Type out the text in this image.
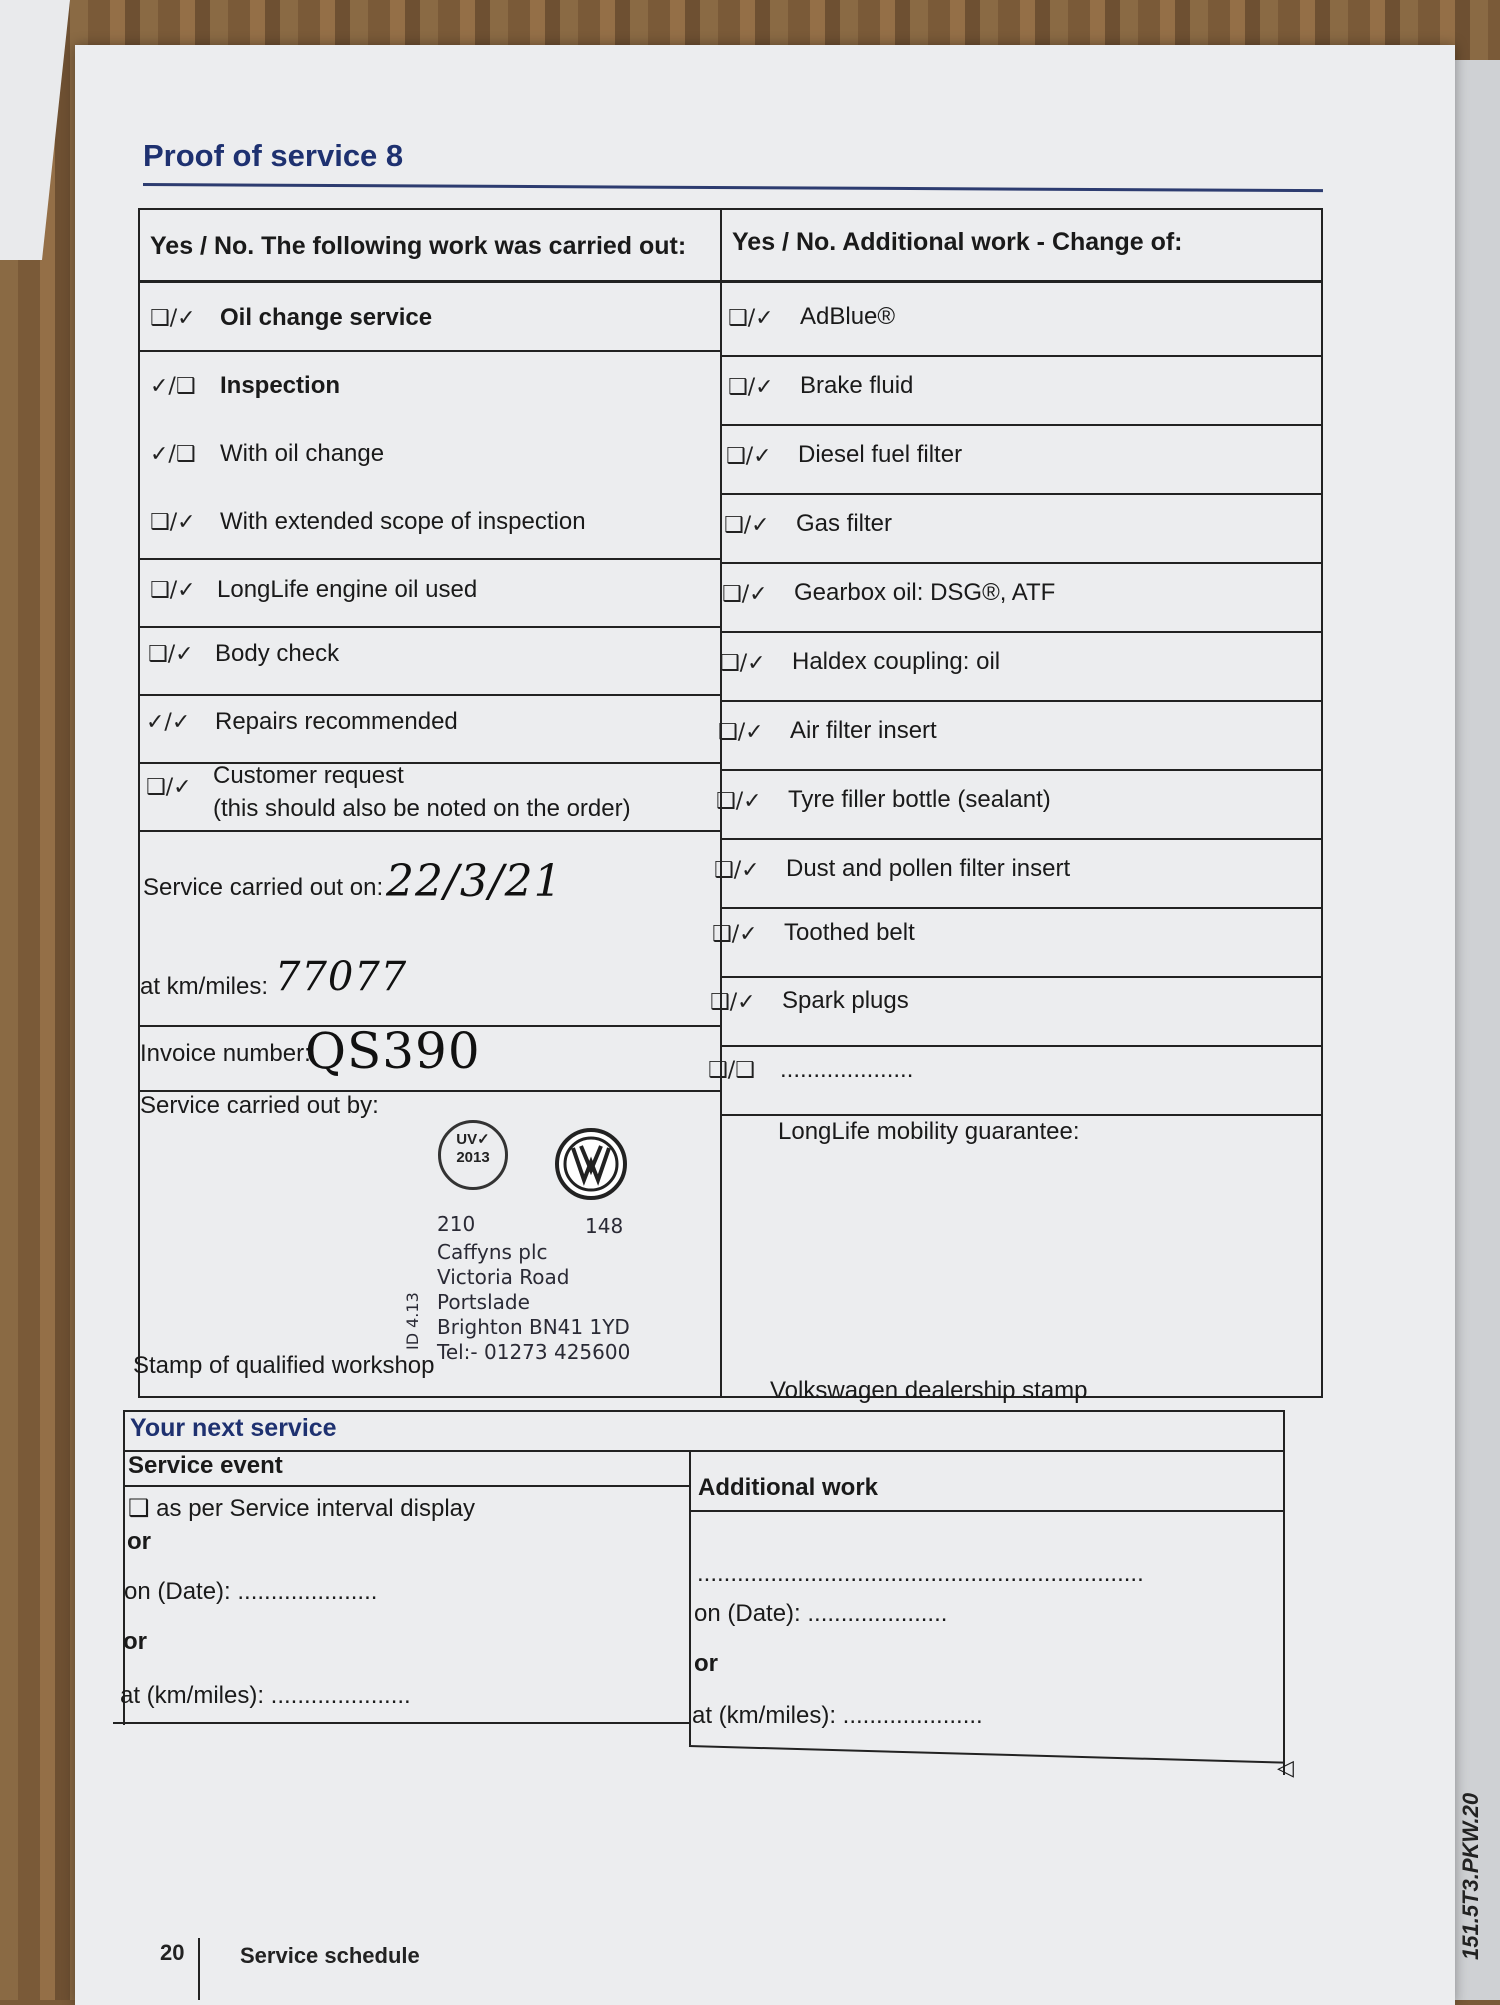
Proof of service 8
Yes / No. The following work was carried out: Yes / No. Additional work - Change of:
❑/✓ Oil change service
✓/❑ Inspection
✓/❑ With oil change
❑/✓ With extended scope of inspection
❑/✓ LongLife engine oil used
❑/✓ Body check
✓/✓ Repairs recommended
❑/✓ Customer request
(this should also be noted on the order)
Service carried out on: 22/3/21
at km/miles: 77077
Invoice number:
QS390
Service carried out by:
UV✓
2013
210	148
Caffyns plc
Victoria Road
Portslade
Brighton BN41 1YD
Tel:- 01273 425600
ID 4.13
Stamp of qualified workshop
❑/✓ AdBlue®
❑/✓ Brake fluid
❑/✓ Diesel fuel filter
❑/✓ Gas filter
❑/✓ Gearbox oil: DSG®, ATF
❑/✓ Haldex coupling: oil
❑/✓ Air filter insert
❑/✓ Tyre filler bottle (sealant)
❑/✓ Dust and pollen filter insert
❑/✓ Toothed belt
❑/✓ Spark plugs
❑/❑ ....................
LongLife mobility guarantee:
Volkswagen dealership stamp
Your next service
Service event
Additional work
❑ as per Service interval display
or
on (Date): .....................
or
at (km/miles): .....................
...................................................................
on (Date): .....................
or
at (km/miles): .....................
◁
20	Service schedule	151.5T3.PKW.20
